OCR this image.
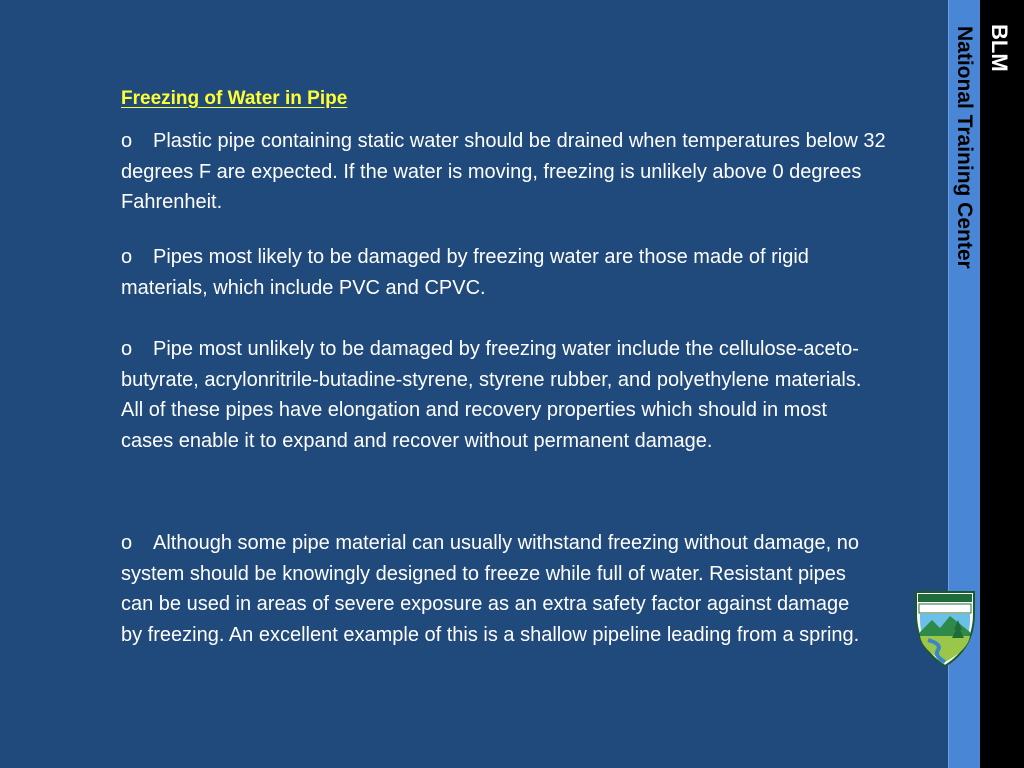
Freezing of Water in Pipe

o Plastic pipe containing static water should be drained when temperatures below 32 degrees F are expected. If the water is moving, freezing is unlikely above 0 degrees Fahrenheit.

o Pipes most likely to be damaged by freezing water are those made of rigid materials, which include PVC and CPVC.

o Pipe most unlikely to be damaged by freezing water include the cellulose-aceto-butyrate, acrylonritrile-butadine-styrene, styrene rubber, and polyethylene materials. All of these pipes have elongation and recovery properties which should in most cases enable it to expand and recover without permanent damage.

o Although some pipe material can usually withstand freezing without damage, no system should be knowingly designed to freeze while full of water. Resistant pipes can be used in areas of severe exposure as an extra safety factor against damage by freezing. An excellent example of this is a shallow pipeline leading from a spring.

BLM
National Training Center
